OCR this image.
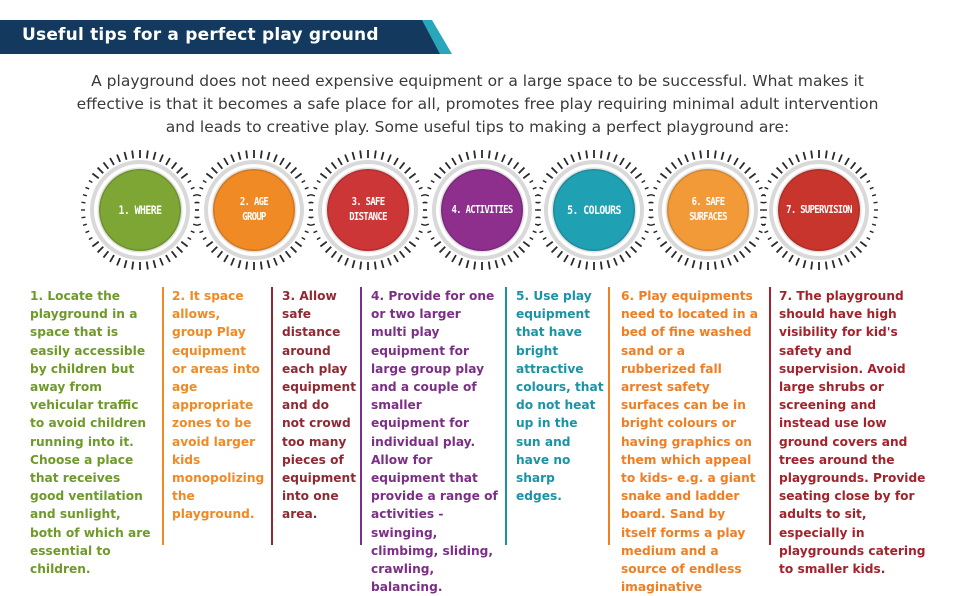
Useful tips for a perfect play ground
A playground does not need expensive equipment or a large space to be successful. What makes it effective is that it becomes a safe place for all, promotes free play requiring minimal adult intervention and leads to creative play. Some useful tips to making a perfect playground are:
1. WHERE
2. AGE
GROUP
3. SAFE
DISTANCE
4. ACTIVITIES	5. COLOURS
6. SAFE
SURFACES
7. SUPERVISION
1. Locate the playground in a space that is easily accessible by children but away from vehicular traffic to avoid children running into it. Choose a place that receives good ventilation and sunlight, both of which are essential to children.
2. It space allows, group Play equipment or areas into age appropriate zones to be avoid larger kids monopolizing the playground.
3. Allow safe distance around each play equipment and do not crowd too many pieces of equipment into one area.
4. Provide for one or two larger multi play equipment for large group play and a couple of smaller equipment for individual play. Allow for equipment that provide a range of activities - swinging, climbimg, sliding, crawling, balancing.
5. Use play equipment that have bright attractive colours, that do not heat up in the sun and have no sharp edges.
6. Play equipments need to located in a bed of fine washed sand or a rubberized fall arrest safety surfaces can be in bright colours or having graphics on them which appeal to kids- e.g. a giant snake and ladder board. Sand by itself forms a play medium and a source of endless imaginative
7. The playground should have high visibility for kid's safety and supervision. Avoid large shrubs or screening and instead use low ground covers and trees around the playgrounds. Provide seating close by for adults to sit, especially in playgrounds catering to smaller kids.
